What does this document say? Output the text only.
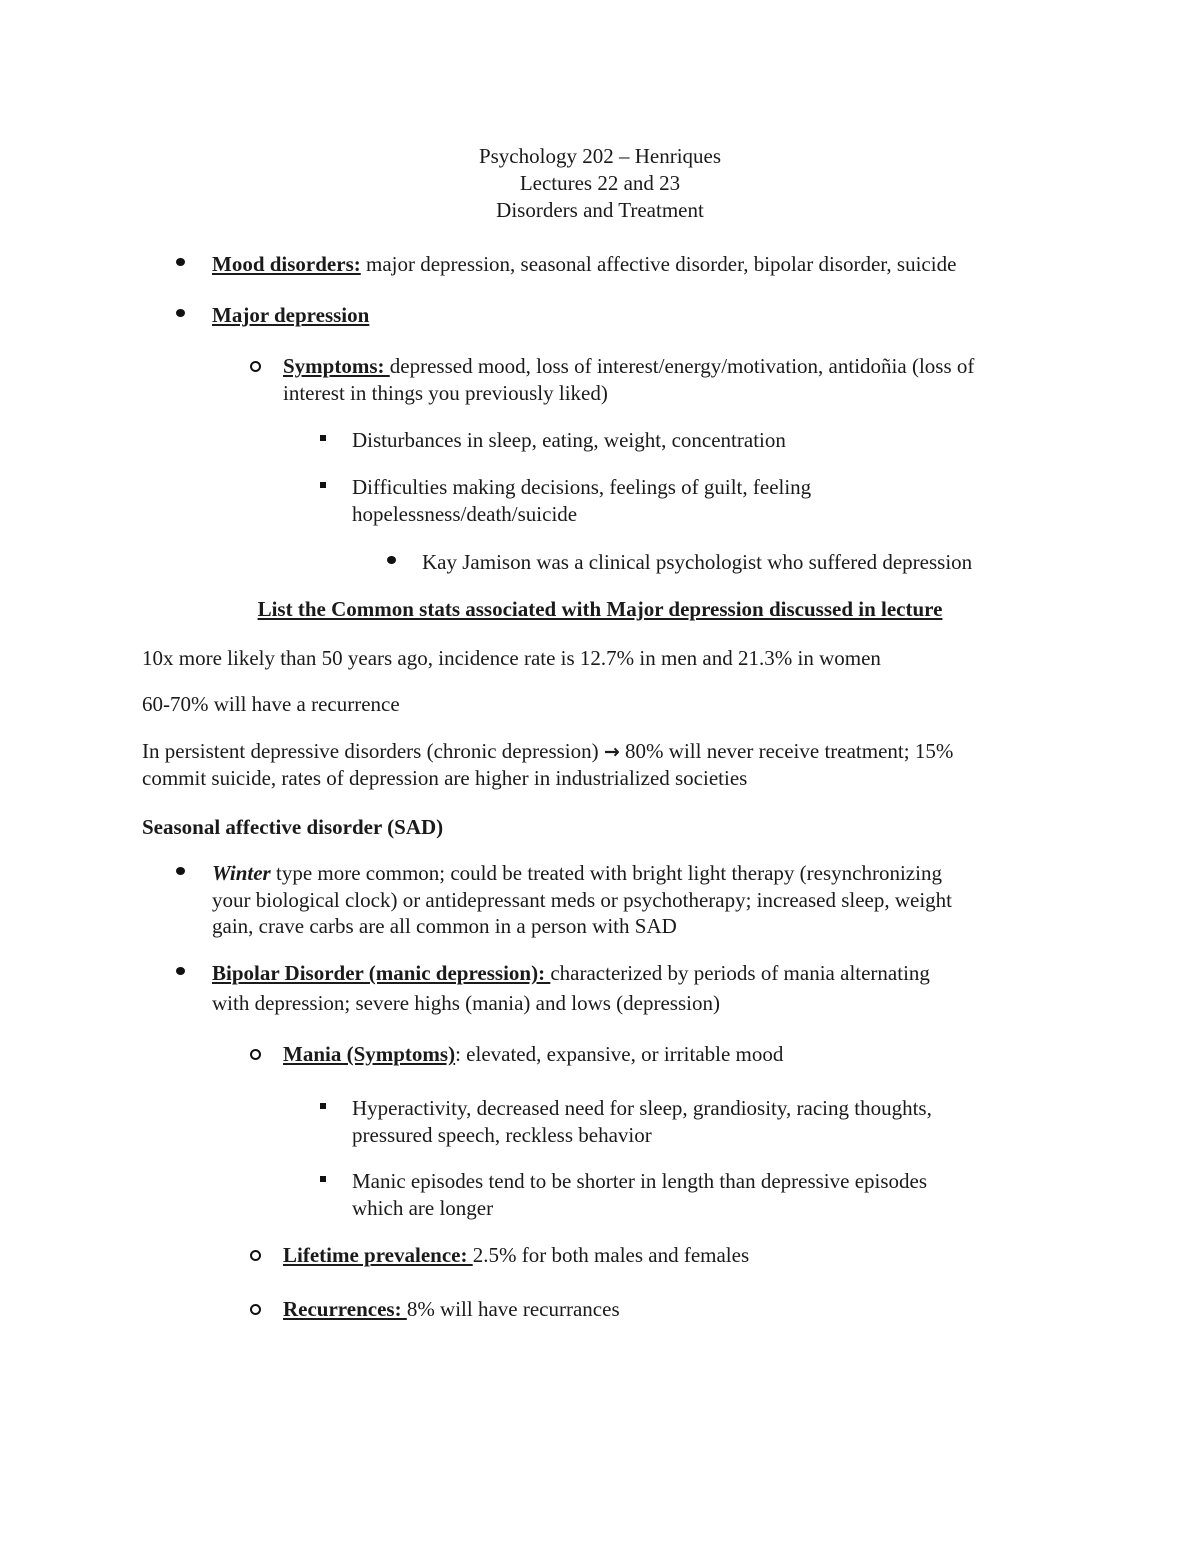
Psychology 202 – Henriques
Lectures 22 and 23
Disorders and Treatment
Mood disorders: major depression, seasonal affective disorder, bipolar disorder, suicide
Major depression
Symptoms: depressed mood, loss of interest/energy/motivation, antidoñia (loss of
interest in things you previously liked)
Disturbances in sleep, eating, weight, concentration
Difficulties making decisions, feelings of guilt, feeling
hopelessness/death/suicide
Kay Jamison was a clinical psychologist who suffered depression
List the Common stats associated with Major depression discussed in lecture
10x more likely than 50 years ago, incidence rate is 12.7% in men and 21.3% in women
60-70% will have a recurrence
In persistent depressive disorders (chronic depression) → 80% will never receive treatment; 15%
commit suicide, rates of depression are higher in industrialized societies
Seasonal affective disorder (SAD)
Winter type more common; could be treated with bright light therapy (resynchronizing
your biological clock) or antidepressant meds or psychotherapy; increased sleep, weight
gain, crave carbs are all common in a person with SAD
Bipolar Disorder (manic depression): characterized by periods of mania alternating
with depression; severe highs (mania) and lows (depression)
Mania (Symptoms): elevated, expansive, or irritable mood
Hyperactivity, decreased need for sleep, grandiosity, racing thoughts,
pressured speech, reckless behavior
Manic episodes tend to be shorter in length than depressive episodes
which are longer
Lifetime prevalence: 2.5% for both males and females
Recurrences: 8% will have recurrances
